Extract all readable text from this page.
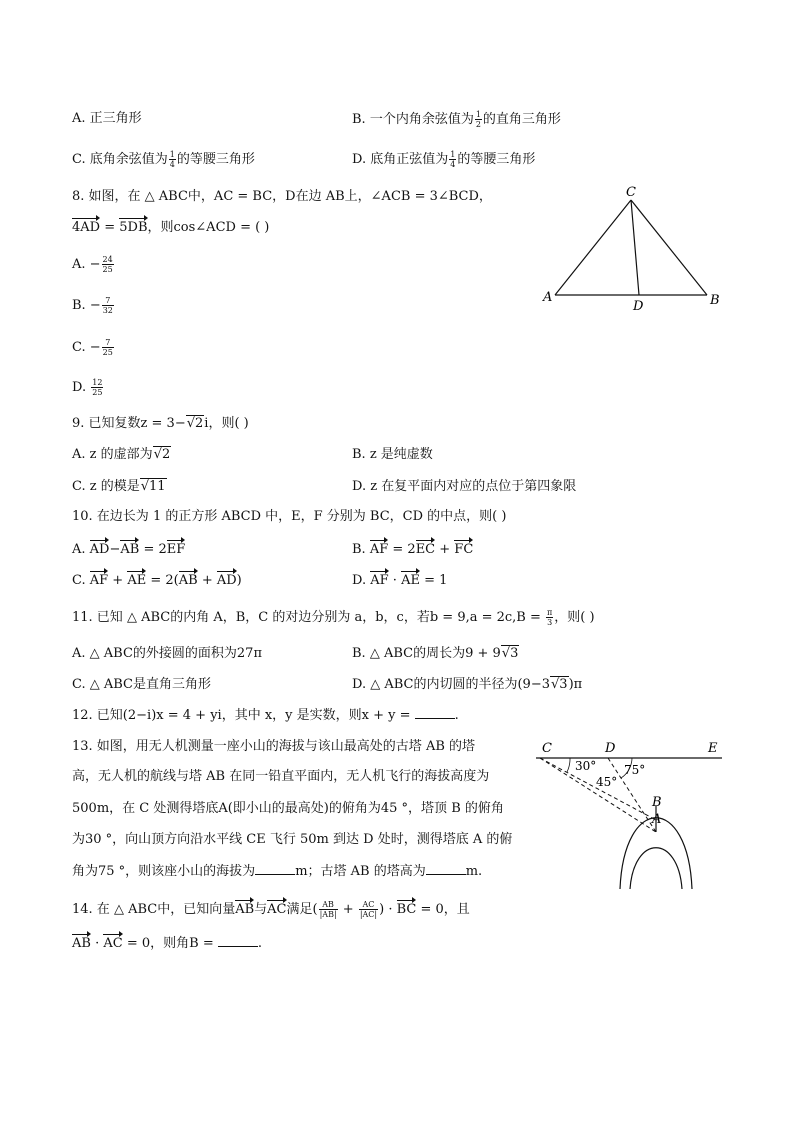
A. 正三角形	B. 一个内角余弦值为 $\frac{1}{2}$ 的直角三角形
C. 底角余弦值为 $\frac{1}{4}$ 的等腰三角形	D. 底角正弦值为 $\frac{1}{4}$ 的等腰三角形
8. 如图，在 △ ABC中，AC = BC，D在边 AB上，∠ACB = 3∠BCD，
4AD = 5DB，则cos∠ACD = ( )
A. − $\frac{24}{25}$
B. − $\frac{7}{32}$
C. − $\frac{7}{25}$
D. $\frac{12}{25}$
C
A
D	B
9. 已知复数z = 3−√2i，则( )
A. z 的虚部为√2	B. z 是纯虚数
C. z 的模是√11	D. z 在复平面内对应的点位于第四象限
10. 在边长为 1 的正方形 ABCD 中，E，F 分别为 BC，CD 的中点，则( )
A. AD−AB = 2EF	B. AF = 2EC + FC
C. AF + AE = 2(AB + AD)	D. AF · AE = 1
11. 已知 △ ABC的内角 A，B，C 的对边分别为 a，b，c，若$b = 9,a = 2c,B = \frac{\pi}{3}$ ，则( )
A. △ ABC的外接圆的面积为27π	B. △ ABC的周长为9 + 9√3
C. △ ABC是直角三角形	D. △ ABC的内切圆的半径为(9−3√3)π
12. 已知(2−i)x = 4 + yi，其中 x，y 是实数，则x + y =	.
13. 如图，用无人机测量一座小山的海拔与该山最高处的古塔 AB 的塔
高，无人机的航线与塔 AB 在同一铅直平面内，无人机飞行的海拔高度为
500m，在 C 处测得塔底A(即小山的最高处)的俯角为45 °，塔顶 B 的俯角
为30 °，向山顶方向沿水平线 CE 飞行 50m 到达 D 处时，测得塔底 A 的俯
角为75 °，则该座小山的海拔为	m；古塔 AB 的塔高为	m.
C	D	E
30°
45°
75°
B
A
14. 在 △ ABC中，已知向量AB与AC满足( $\frac{AB}{|AB|} + \frac{AC}{|AC|}$ ) · BC = 0，且
AB · AC = 0，则角B =	.
